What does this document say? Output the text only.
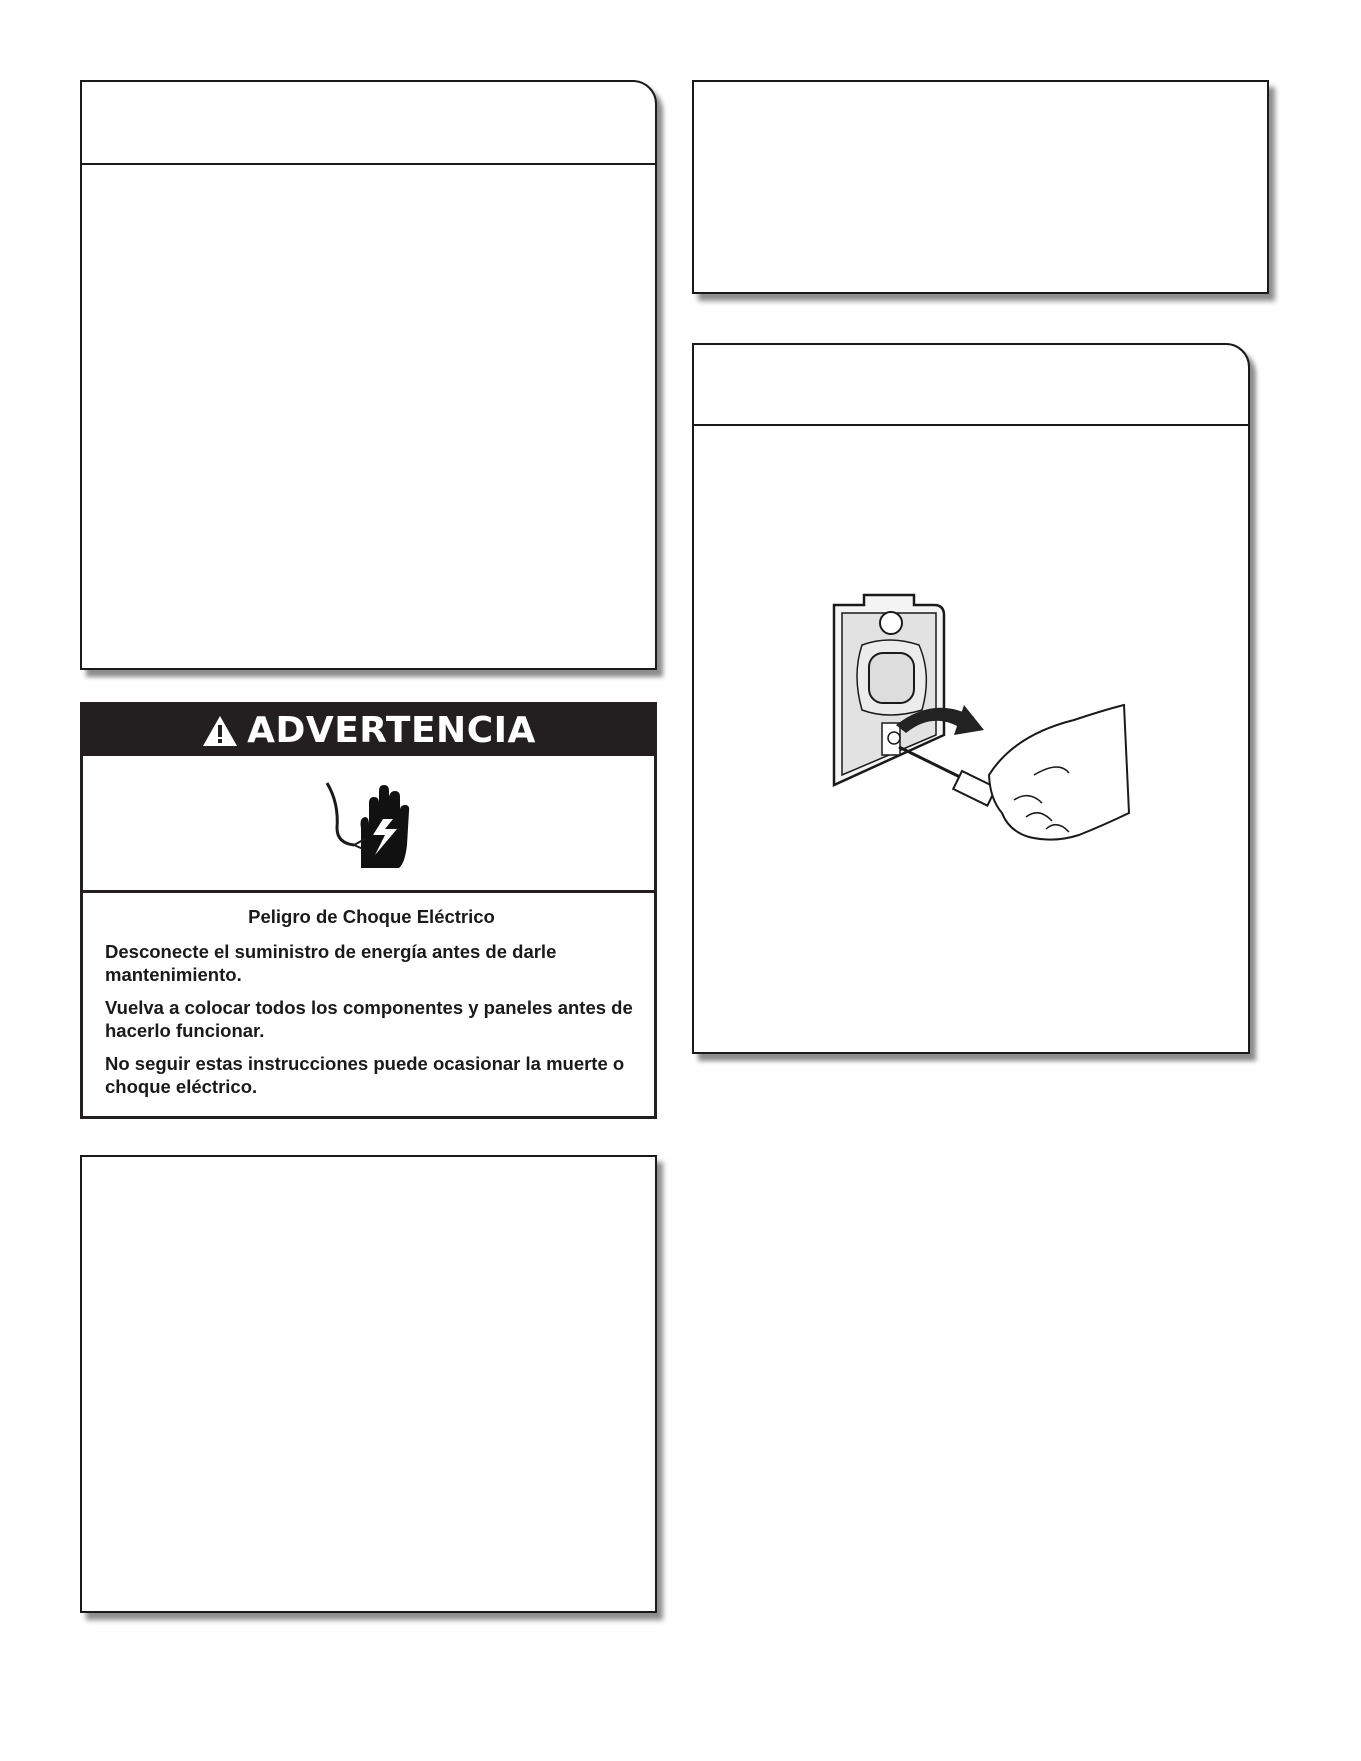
ADVERTENCIA

Peligro de Choque Eléctrico

Desconecte el suministro de energía antes de darle mantenimiento.

Vuelva a colocar todos los componentes y paneles antes de hacerlo funcionar.

No seguir estas instrucciones puede ocasionar la muerte o choque eléctrico.
